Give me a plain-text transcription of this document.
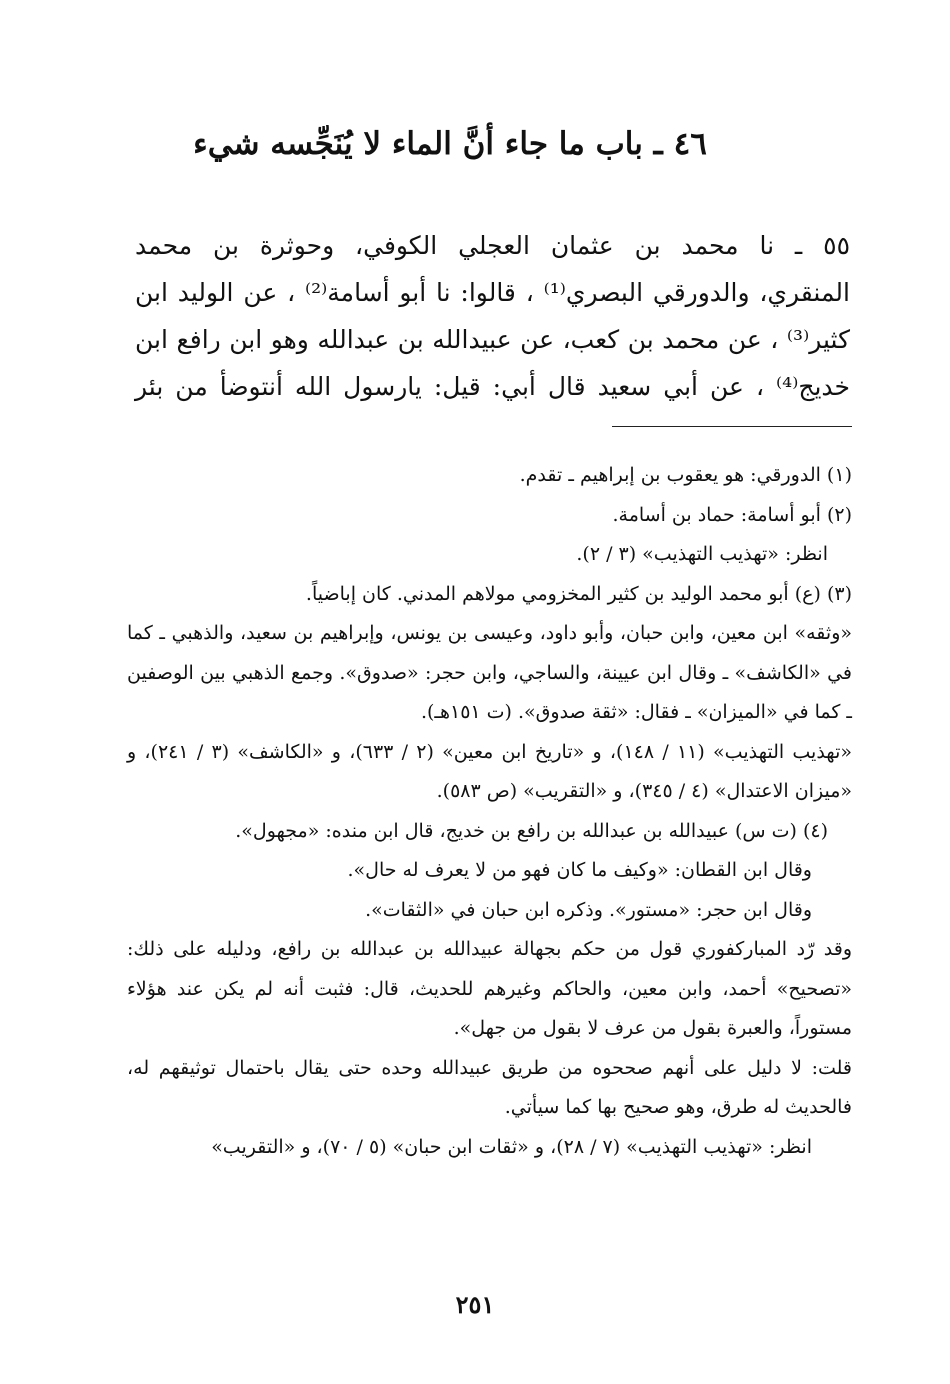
٤٦ ـ باب ما جاء أنَّ الماء لا يُنَجِّسه شيء

٥٥ ـ نا محمد بن عثمان العجلي الكوفي، وحوثرة بن محمد

المنقري، والدورقي البصري⁽¹⁾ ، قالوا: نا أبو أسامة⁽²⁾ ، عن الوليد ابن

كثير⁽³⁾ ، عن محمد بن كعب، عن عبيدالله بن عبدالله وهو ابن رافع ابن

خديج⁽⁴⁾ ، عن أبي سعيد قال أبي: قيل: يارسول الله أنتوضأ من بئر

(١) الدورقي: هو يعقوب بن إبراهيم ـ تقدم.

(٢) أبو أسامة: حماد بن أسامة.

انظر: «تهذيب التهذيب» (٣ / ٢).

(٣) (ع) أبو محمد الوليد بن كثير المخزومي مولاهم المدني. كان إباضياً.

«وثقه» ابن معين، وابن حبان، وأبو داود، وعيسى بن يونس، وإبراهيم بن سعيد، والذهبي ـ كما في «الكاشف» ـ وقال ابن عيينة، والساجي، وابن حجر: «صدوق». وجمع الذهبي بين الوصفين ـ كما في «الميزان» ـ فقال: «ثقة صدوق». (ت ١٥١هـ).

«تهذيب التهذيب» (١١ / ١٤٨)، و «تاريخ ابن معين» (٢ / ٦٣٣)، و «الكاشف» (٣ / ٢٤١)، و «ميزان الاعتدال» (٤ / ٣٤٥)، و «التقريب» (ص ٥٨٣).

(٤) (ت س) عبيدالله بن عبدالله بن رافع بن خديج، قال ابن منده: «مجهول».

وقال ابن القطان: «وكيف ما كان فهو من لا يعرف له حال».

وقال ابن حجر: «مستور». وذكره ابن حبان في «الثقات».

وقد رّد المباركفوري قول من حكم بجهالة عبيدالله بن عبدالله بن رافع، ودليله على ذلك: «تصحيح» أحمد، وابن معين، والحاكم وغيرهم للحديث، قال: فثبت أنه لم يكن عند هؤلاء مستوراً، والعبرة بقول من عرف لا بقول من جهل».

قلت: لا دليل على أنهم صححوه من طريق عبيدالله وحده حتى يقال باحتمال توثيقهم له، فالحديث له طرق، وهو صحيح بها كما سيأتي.

انظر: «تهذيب التهذيب» (٧ / ٢٨)، و «ثقات ابن حبان» (٥ / ٧٠)، و «التقريب»

٢٥١
